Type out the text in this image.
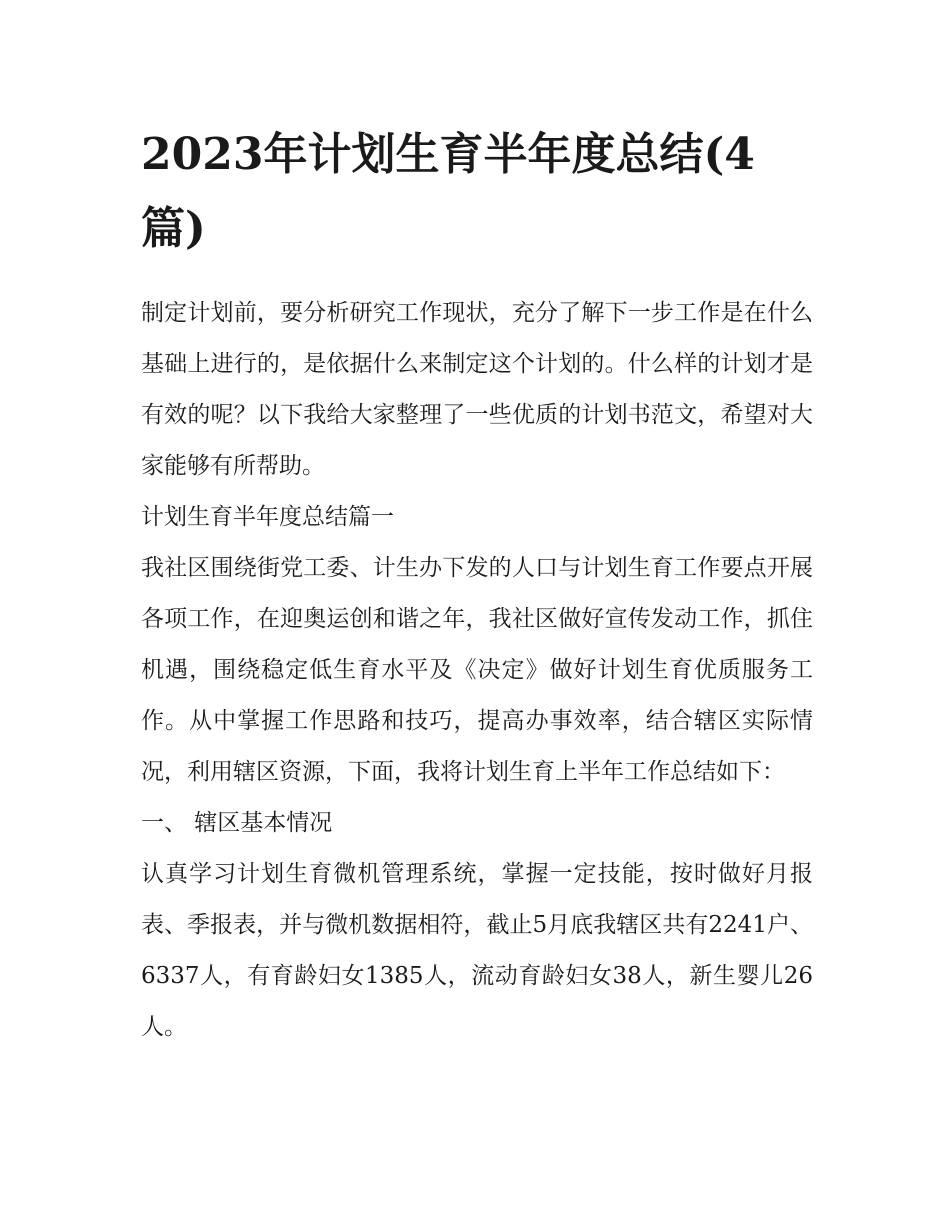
2023年计划生育半年度总结(4篇)

制定计划前，要分析研究工作现状，充分了解下一步工作是在什么基础上进行的，是依据什么来制定这个计划的。什么样的计划才是有效的呢？以下我给大家整理了一些优质的计划书范文，希望对大家能够有所帮助。

计划生育半年度总结篇一

我社区围绕街党工委、计生办下发的人口与计划生育工作要点开展各项工作，在迎奥运创和谐之年，我社区做好宣传发动工作，抓住机遇，围绕稳定低生育水平及《决定》做好计划生育优质服务工作。从中掌握工作思路和技巧，提高办事效率，结合辖区实际情况，利用辖区资源，下面，我将计划生育上半年工作总结如下：

一、 辖区基本情况

认真学习计划生育微机管理系统，掌握一定技能，按时做好月报表、季报表，并与微机数据相符，截止5月底我辖区共有2241户、6337人，有育龄妇女1385人，流动育龄妇女38人，新生婴儿26人。
